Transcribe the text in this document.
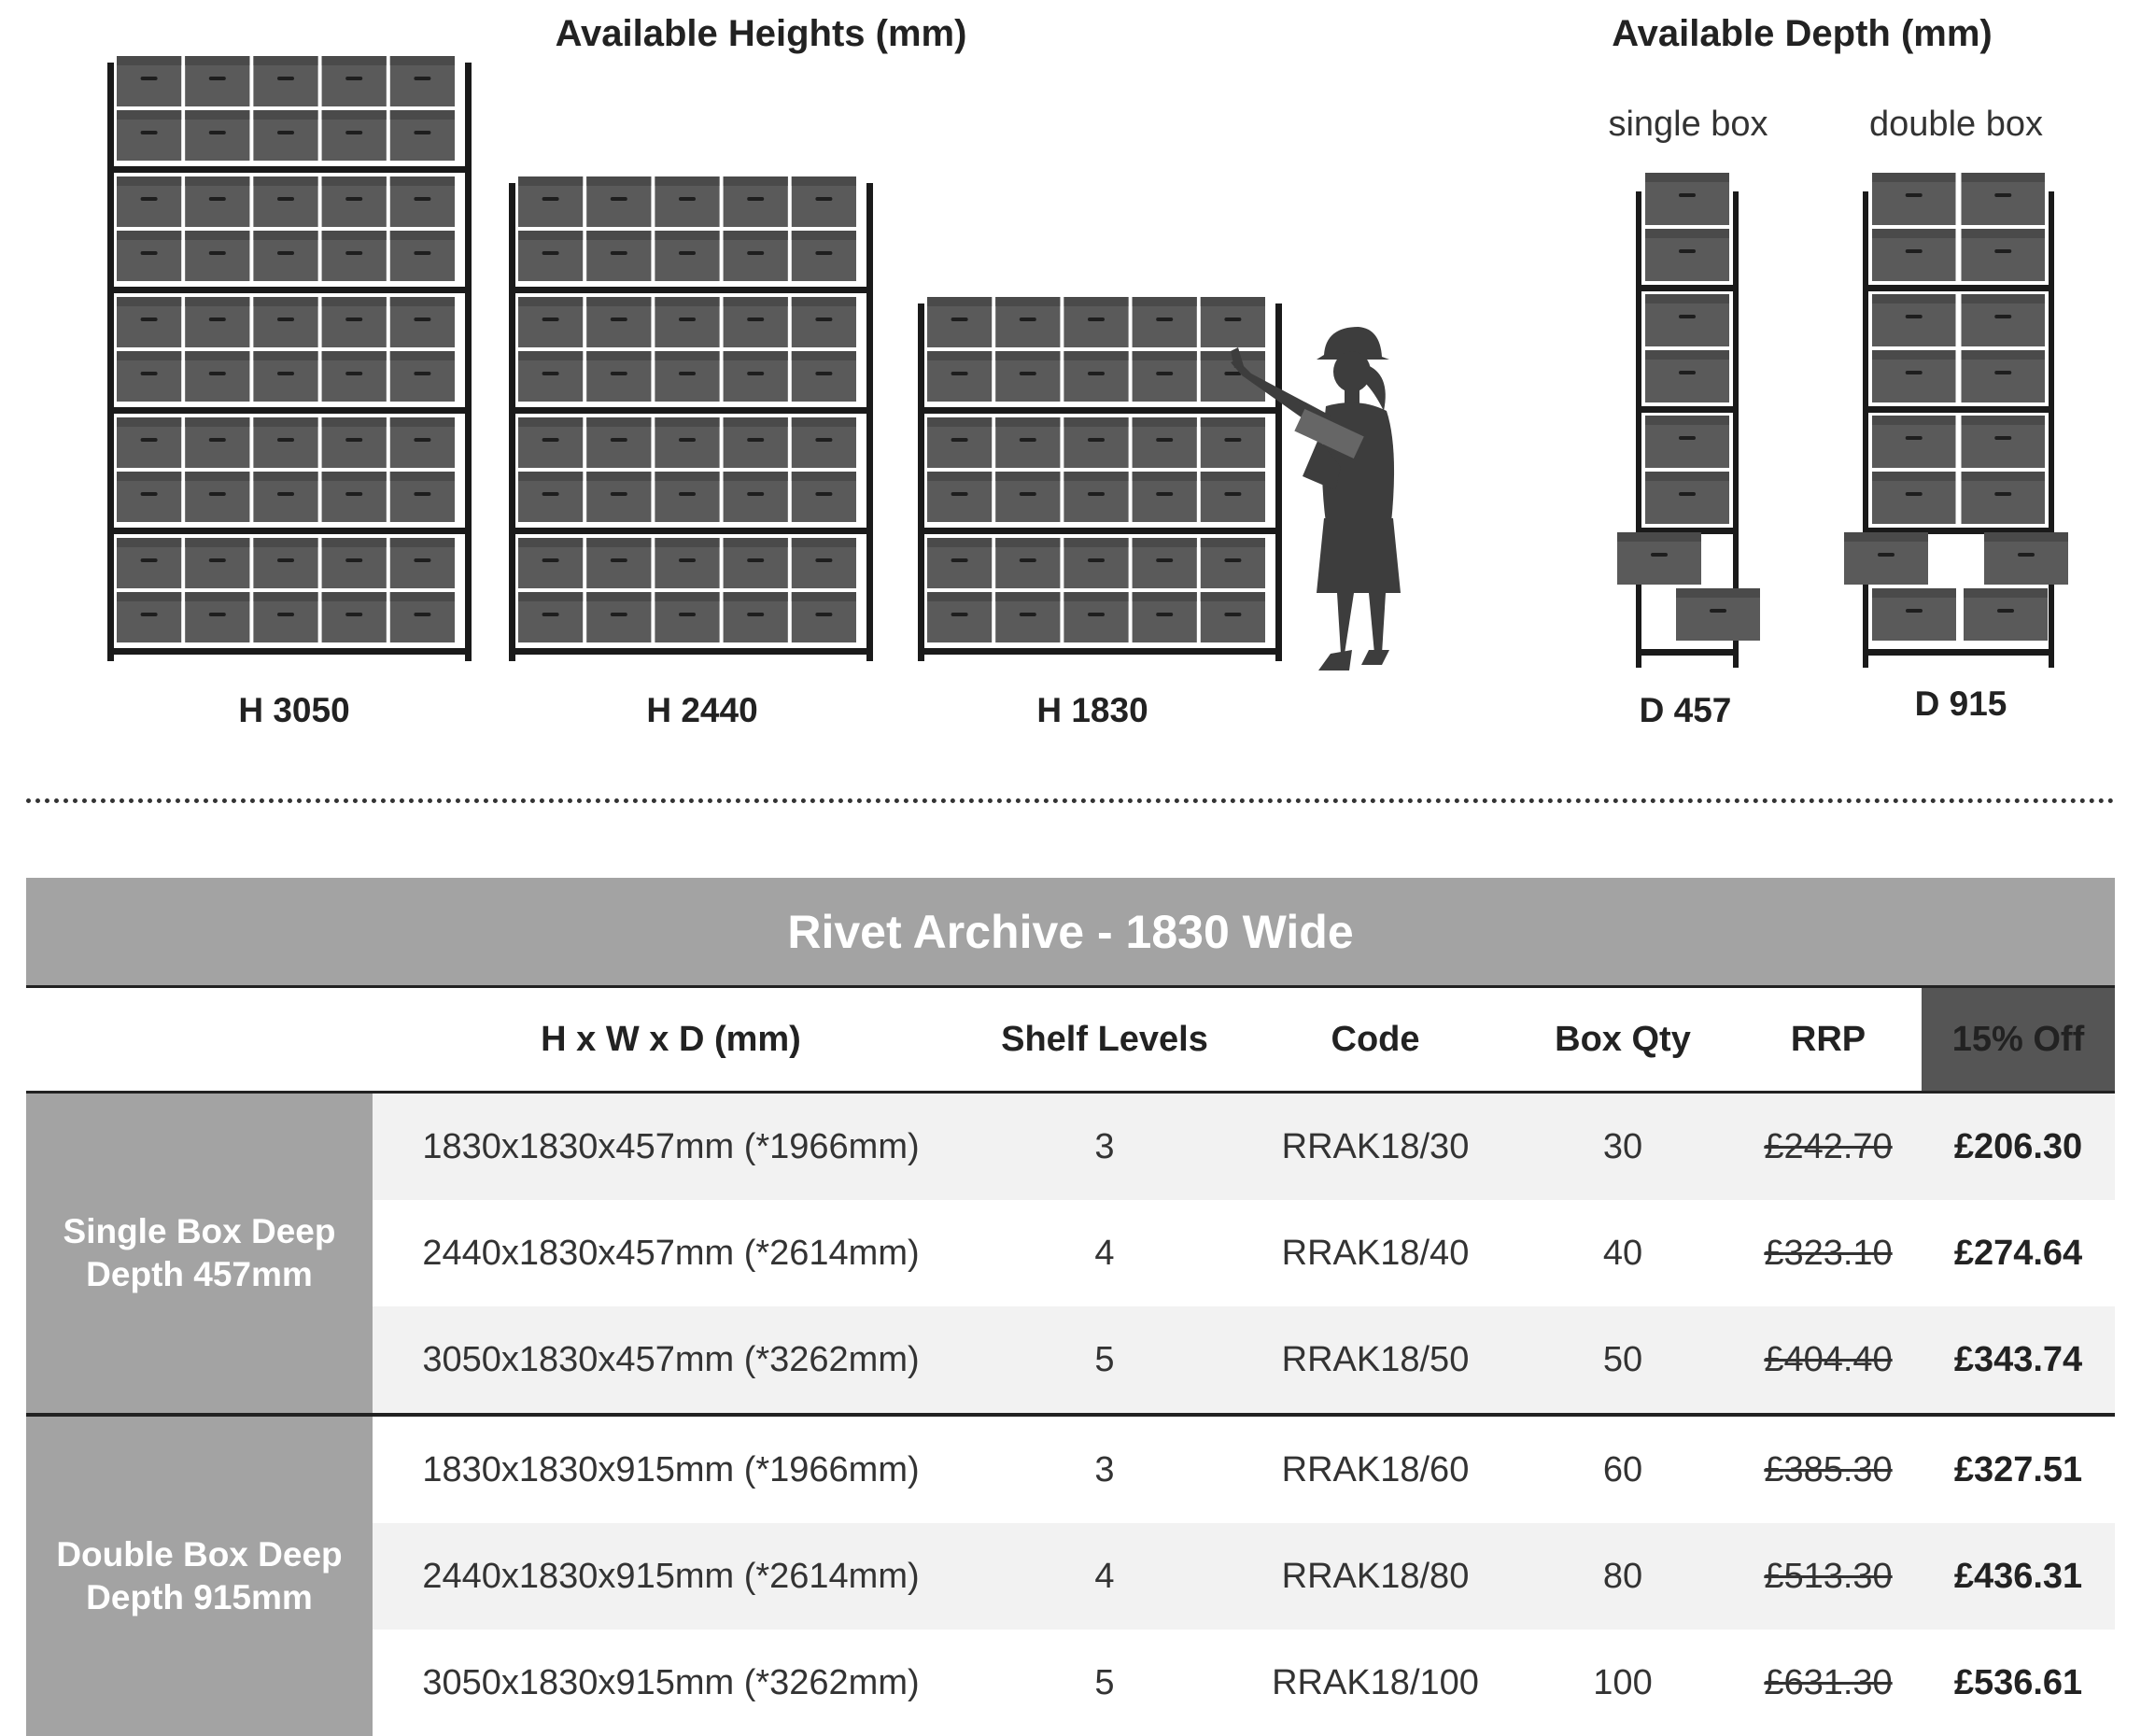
Available Heights (mm)	Available Depth (mm)
single box	double box
H 3050	H 2440	H 1830	D 457	D 915
Rivet Archive - 1830 Wide
H x W x D (mm)	Shelf Levels	Code	Box Qty	RRP	15% Off
Single Box Deep
Depth 457mm
1830x1830x457mm (*1966mm)	3	RRAK18/30	30	£242.70	£206.30
2440x1830x457mm (*2614mm)	4	RRAK18/40	40	£323.10	£274.64
3050x1830x457mm (*3262mm)	5	RRAK18/50	50	£404.40	£343.74
Double Box Deep
Depth 915mm
1830x1830x915mm (*1966mm)	3	RRAK18/60	60	£385.30	£327.51
2440x1830x915mm (*2614mm)	4	RRAK18/80	80	£513.30	£436.31
3050x1830x915mm (*3262mm)	5	RRAK18/100	100	£631.30	£536.61
